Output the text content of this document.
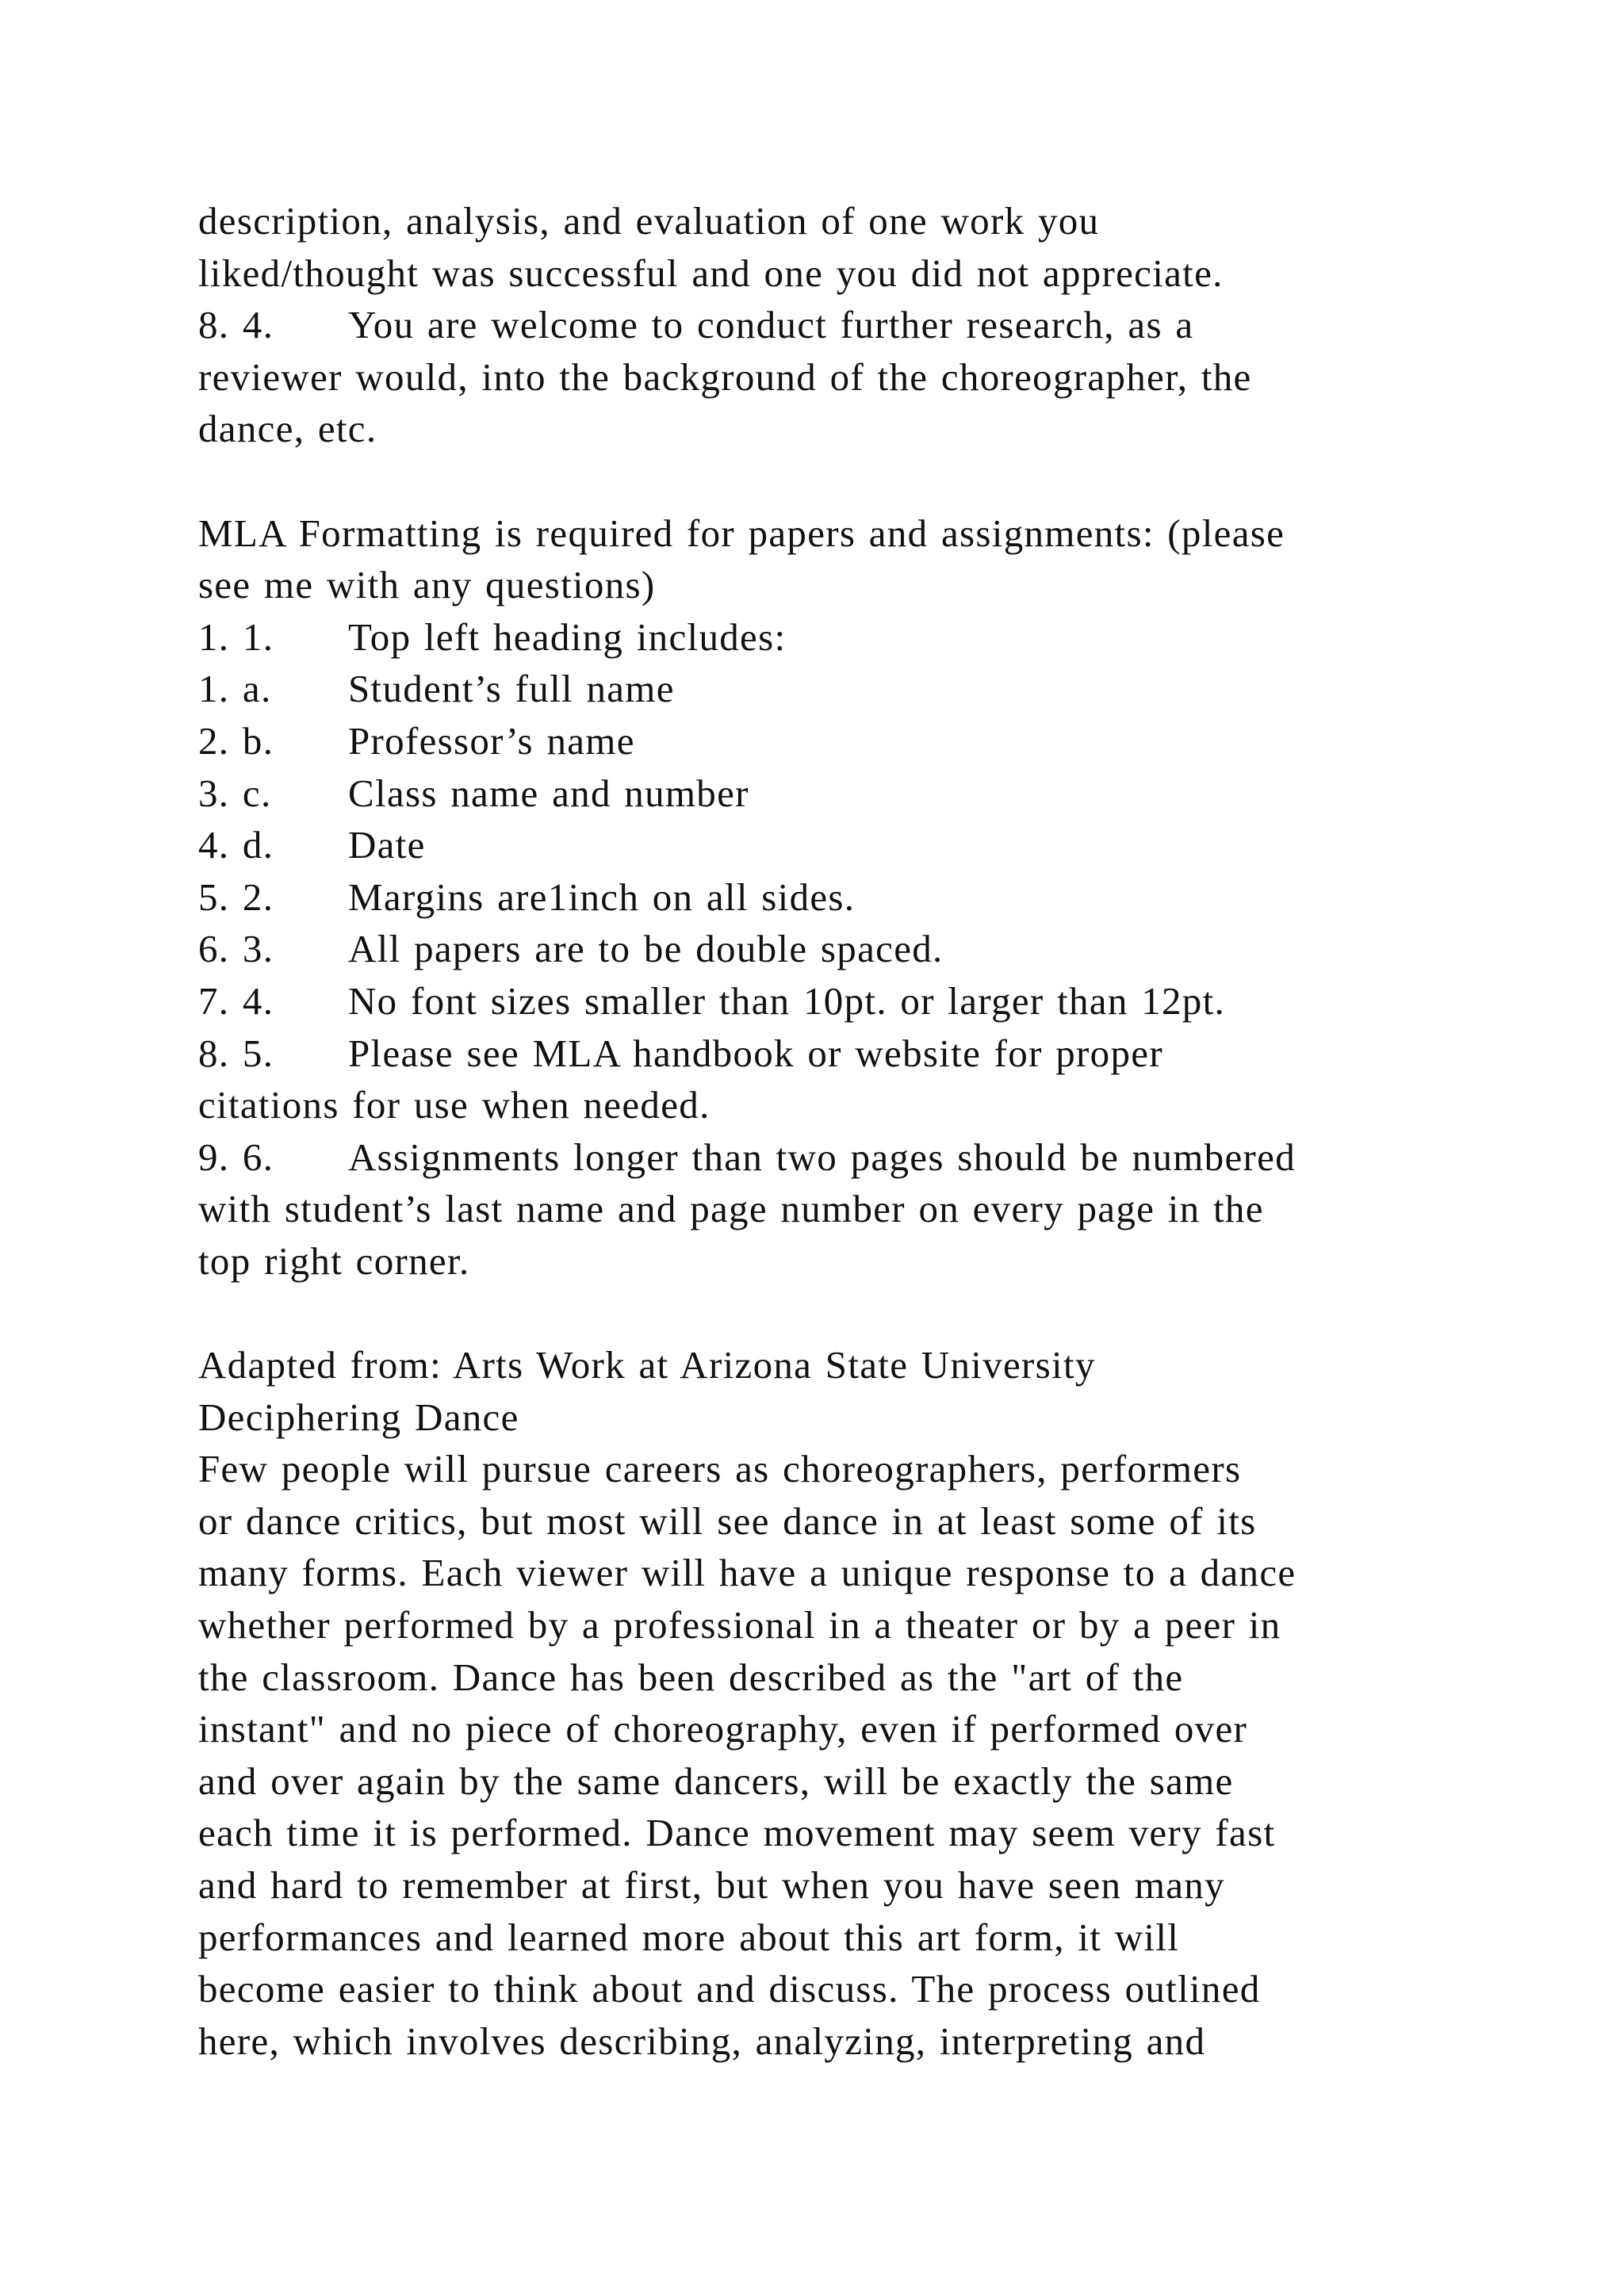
description, analysis, and evaluation of one work you
liked/thought was successful and one you did not appreciate.
8. 4. You are welcome to conduct further research, as a
reviewer would, into the background of the choreographer, the
dance, etc.
MLA Formatting is required for papers and assignments: (please
see me with any questions)
1. 1. Top left heading includes:
1. a. Student’s full name
2. b. Professor’s name
3. c. Class name and number
4. d. Date
5. 2. Margins are1inch on all sides.
6. 3. All papers are to be double spaced.
7. 4. No font sizes smaller than 10pt. or larger than 12pt.
8. 5. Please see MLA handbook or website for proper
citations for use when needed.
9. 6. Assignments longer than two pages should be numbered
with student’s last name and page number on every page in the
top right corner.
Adapted from: Arts Work at Arizona State University
Deciphering Dance
Few people will pursue careers as choreographers, performers
or dance critics, but most will see dance in at least some of its
many forms. Each viewer will have a unique response to a dance
whether performed by a professional in a theater or by a peer in
the classroom. Dance has been described as the "art of the
instant" and no piece of choreography, even if performed over
and over again by the same dancers, will be exactly the same
each time it is performed. Dance movement may seem very fast
and hard to remember at first, but when you have seen many
performances and learned more about this art form, it will
become easier to think about and discuss. The process outlined
here, which involves describing, analyzing, interpreting and
